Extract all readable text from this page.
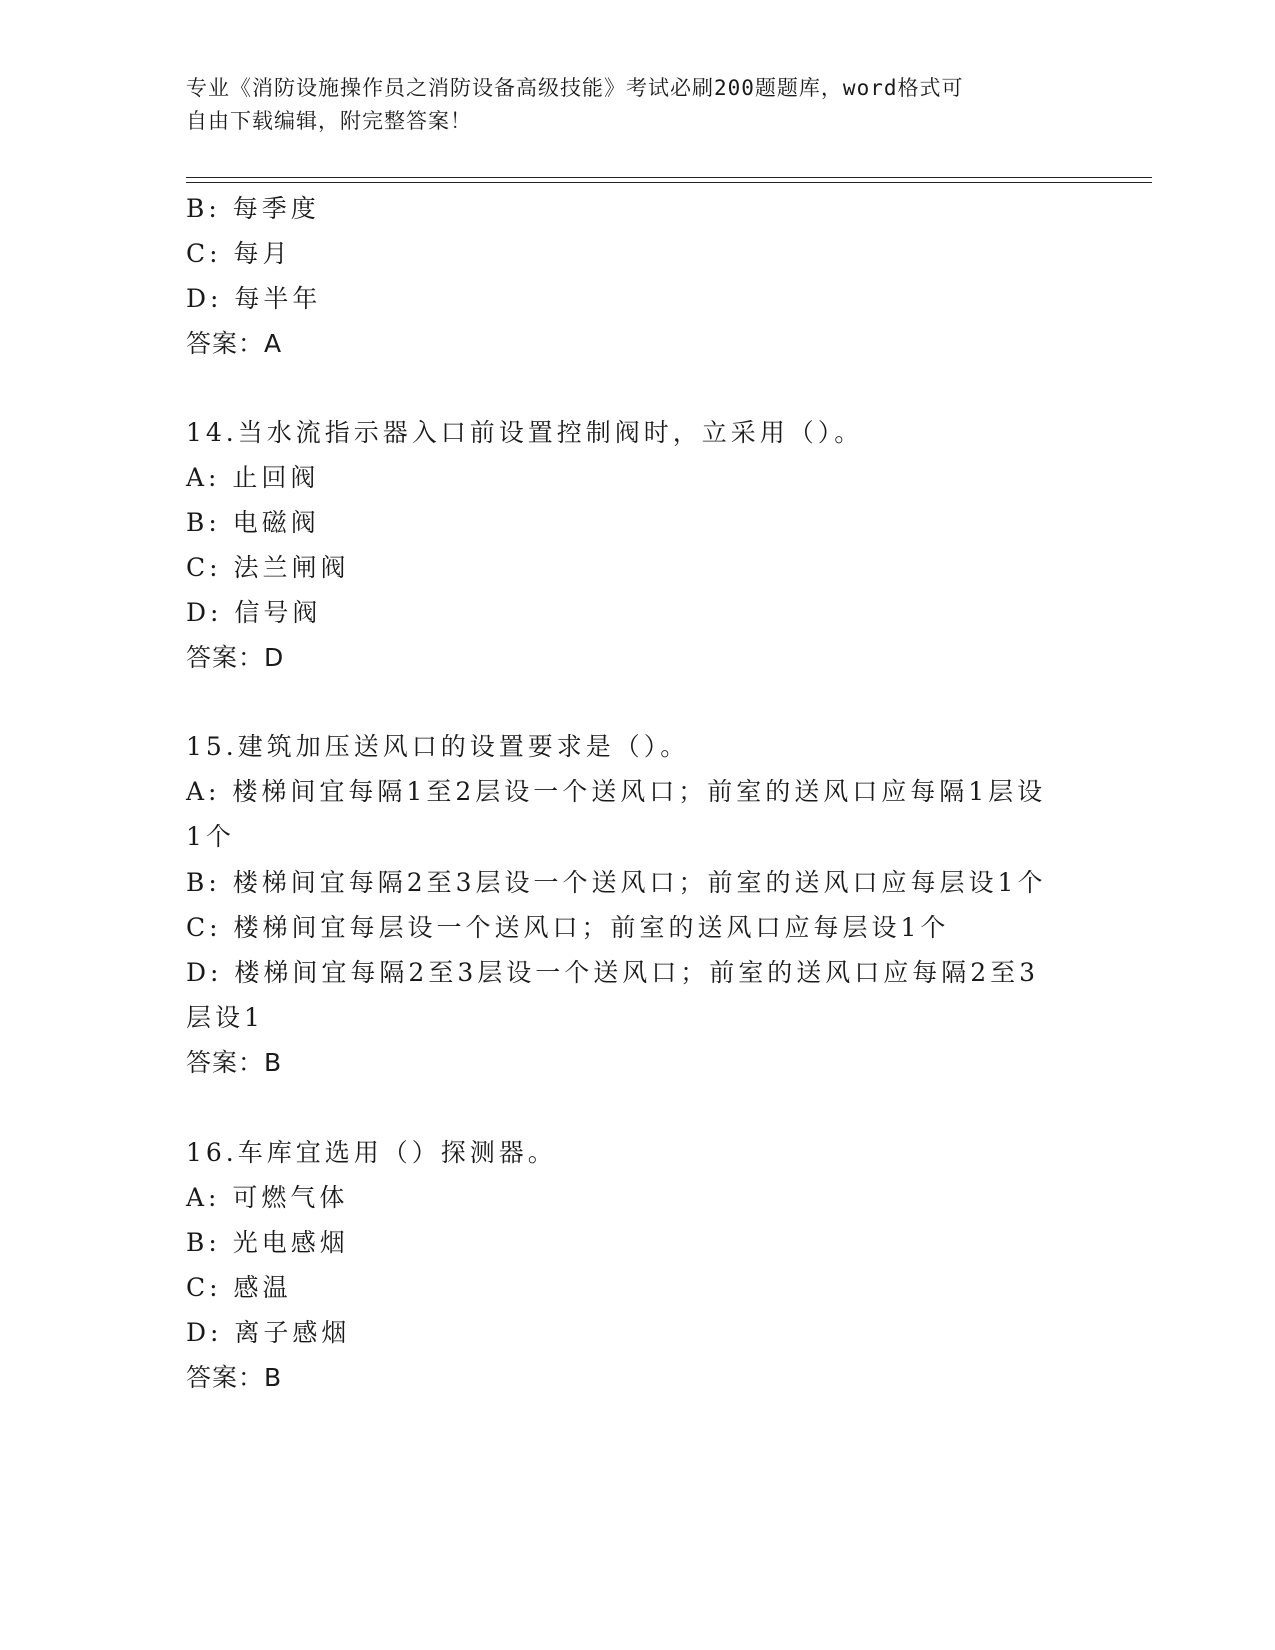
专业《消防设施操作员之消防设备高级技能》考试必刷200题题库，word格式可
自由下载编辑，附完整答案！
B: 每季度
C: 每月
D: 每半年
答案：A
14.当水流指示器入口前设置控制阀时，立采用（）。
A: 止回阀
B: 电磁阀
C: 法兰闸阀
D: 信号阀
答案：D
15.建筑加压送风口的设置要求是（）。
A: 楼梯间宜每隔1至2层设一个送风口；前室的送风口应每隔1层设
1个
B: 楼梯间宜每隔2至3层设一个送风口；前室的送风口应每层设1个
C: 楼梯间宜每层设一个送风口；前室的送风口应每层设1个
D: 楼梯间宜每隔2至3层设一个送风口；前室的送风口应每隔2至3
层设1
答案：B
16.车库宜选用（）探测器。
A: 可燃气体
B: 光电感烟
C: 感温
D: 离子感烟
答案：B
